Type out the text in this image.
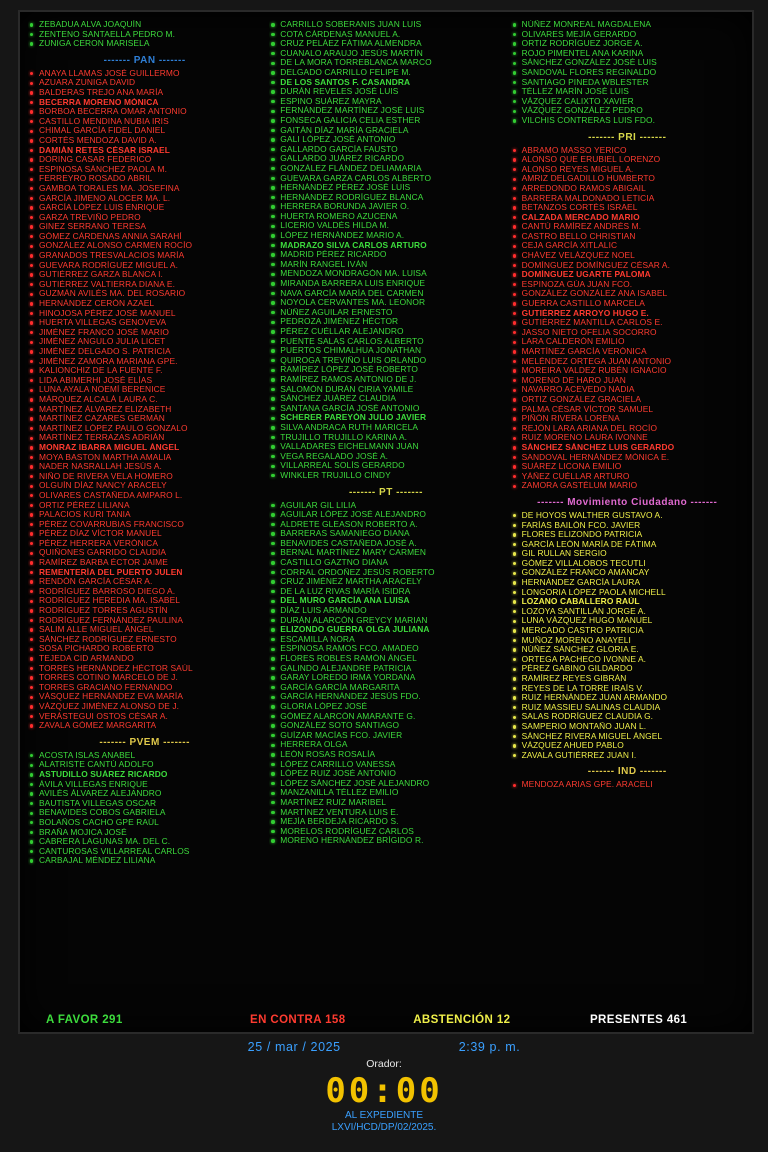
ZEBADUA ALVA JOAQUÍN
ZENTENO SANTAELLA PEDRO M.
ZUNIGA CERON MARISELA
------- PAN -------
ANAYA LLAMAS JOSÉ GUILLERMO
AZUARA ZUNIGA DAVID
BALDERAS TREJO ANA MARÍA
BECERRA MORENO MÓNICA
BORBOA BECERRA OMAR ANTONIO
CASTILLO MENDINA NUBIA IRIS
CHIMAL GARCÍA FIDEL DANIEL
CORTÉS MENDOZA DAVID A.
DAMIÁN RETES CÉSAR ISRAEL
DORING CASAR FEDERICO
ESPINOSA SÁNCHEZ PAOLA M.
FERREYRO ROSADO ABRIL
GAMBOA TORALES MA. JOSEFINA
GARCÍA JIMENO ALOCER MA. L.
GARCÍA LÓPEZ LUIS ENRIQUE
GARZA TREVIÑO PEDRO
GINEZ SERRANO TERESA
GÓMEZ CÁRDENAS ANNIA SARAHÍ
GONZÁLEZ ALONSO CARMEN ROCÍO
GRANADOS TRESVALACIOS MARÍA
GUEVARA RODRÍGUEZ MIGUEL A.
GUTIÉRREZ GARZA BLANCA I.
GUTIÉRREZ VALTIERRA DIANA E.
GUZMÁN AVILÉS MA. DEL ROSARIO
HERNÁNDEZ CERÓN AZAEL
HINOJOSA PÉREZ JOSÉ MANUEL
HUERTA VILLEGAS GENOVEVA
JIMÉNEZ FRANCO JOSÉ MARIO
JIMÉNEZ ANGULO JULIA LICET
JIMÉNEZ DELGADO S. PATRICIA
JIMÉNEZ ZAMORA MARIANA GPE.
KALIONCHIZ DE LA FUENTE F.
LIDA ABIMERHI JOSÉ ELÍAS
LUNA AYALA NOEMÍ BERENICE
MÁRQUEZ ALCALÁ LAURA C.
MARTÍNEZ ÁLVAREZ ELIZABETH
MARTÍNEZ CAZARES GERMÁN
MARTÍNEZ LÓPEZ PAULO GONZALO
MARTÍNEZ TERRAZAS ADRIÁN
MONRAZ IBARRA MIGUEL ÁNGEL
MOYA BASTON MARTHA AMALIA
NADER NASRALLAH JESÚS A.
NIÑO DE RIVERA VELA HOMERO
OLGUÍN DÍAZ NANCY ARACELY
OLIVARES CASTAÑEDA AMPARO L.
ORTIZ PÉREZ LILIANA
PALACIOS KURI TANIA
PÉREZ COVARRUBIAS FRANCISCO
PÉREZ DÍAZ VÍCTOR MANUEL
PÉREZ HERRERA VERÓNICA
QUIÑONES GARRIDO CLAUDIA
RAMÍREZ BARBA ÉCTOR JAIME
REMENTERÍA DEL PUERTO JULEN
RENDÓN GARCÍA CÉSAR A.
RODRÍGUEZ BARROSO DIEGO A.
RODRÍGUEZ HEREDIA MA. ISABEL
RODRÍGUEZ TORRES AGUSTÍN
RODRÍGUEZ FERNÁNDEZ PAULINA
SALIM ALLE MIGUEL ÁNGEL
SÁNCHEZ RODRÍGUEZ ERNESTO
SOSA PICHARDO ROBERTO
TEJEDA CID ARMANDO
TORRES HERNÁNDEZ HÉCTOR SAÚL
TORRES COTINO MARCELO DE J.
TORRES GRACIANO FERNANDO
VÁSQUEZ HERNÁNDEZ EVA MARÍA
VÁZQUEZ JIMÉNEZ ALONSO DE J.
VERÁSTEGUI OSTOS CÉSAR A.
ZAVALA GÓMEZ MARGARITA
------- PVEM -------
ACOSTA ISLAS ANABEL
ALATRISTE CANTÚ ADOLFO
ASTUDILLO SUÁREZ RICARDO
ÁVILA VILLEGAS ENRIQUE
AVILÉS ÁLVAREZ ALEJANDRO
BAUTISTA VILLEGAS OSCAR
BENAVIDES COBOS GABRIELA
BOLAÑOS CACHO GPE RAÚL
BRAÑA MOJICA JOSÉ
CABRERA LAGUNAS MA. DEL C.
CANTUROSAS VILLARREAL CARLOS
CARBAJAL MÉNDEZ LILIANA
CARRILLO SOBERANIS JUAN LUIS
COTA CÁRDENAS MANUEL A.
CRUZ PELÁEZ FÁTIMA ALMENDRA
CUANALO ARAUJO JESÚS MARTÍN
DE LA MORA TORREBLANCA MARCO
DELGADO CARRILLO FELIPE M.
DE LOS SANTOS F. CASANDRA
DURÁN REVELES JOSÉ LUIS
ESPINO SUÁREZ MAYRA
FERNÁNDEZ MARTÍNEZ JOSÉ LUIS
FONSECA GALICIA CELIA ESTHER
GAITÁN DÍAZ MARÍA GRACIELA
GALI LÓPEZ JOSÉ ANTONIO
GALLARDO GARCÍA FAUSTO
GALLARDO JUÁREZ RICARDO
GONZÁLEZ FLÁNDEZ DELIAMARIA
GUEVARA GARZA CARLOS ALBERTO
HERNÁNDEZ PÉREZ JOSÉ LUIS
HERNÁNDEZ RODRÍGUEZ BLANCA
HERRERA BORUNDA JAVIER O.
HUERTA ROMERO AZUCENA
LICERIO VALDÉS HILDA M.
LÓPEZ HERNÁNDEZ MARIO A.
MADRAZO SILVA CARLOS ARTURO
MADRID PÉREZ RICARDO
MARÍN RANGEL IVÁN
MENDOZA MONDRAGÓN MA. LUISA
MIRANDA BARRERA LUIS ENRIQUE
NAVA GARCÍA MARÍA DEL CARMEN
NOYOLA CERVANTES MA. LEONOR
NÚÑEZ AGUILAR ERNESTO
PEDROZA JIMÉNEZ HÉCTOR
PÉREZ CUÉLLAR ALEJANDRO
PUENTE SALAS CARLOS ALBERTO
PUERTOS CHIMALHUA JONATHAN
QUIROGA TREVIÑO LUIS ORLANDO
RAMÍREZ LÓPEZ JOSÉ ROBERTO
RAMÍREZ RAMOS ANTONIO DE J.
SALOMÓN DURÁN CIRIA YAMILE
SÁNCHEZ JUÁREZ CLAUDIA
SANTANA GARCÍA JOSÉ ANTONIO
SCHERER PAREYÓN JULIO JAVIER
SILVA ANDRACA RUTH MARICELA
TRUJILLO TRUJILLO KARINA A.
VALLADARES EICHELMANN JUAN
VEGA REGALADO JOSÉ A.
VILLARREAL SOLÍS GERARDO
WINKLER TRUJILLO CINDY
------- PT -------
AGUILAR GIL LILIA
AGUILAR LÓPEZ JOSÉ ALEJANDRO
ALDRETE GLEASON ROBERTO A.
BARRERAS SAMANIEGO DIANA
BENAVIDES CASTAÑEDA JOSÉ A.
BERNAL MARTÍNEZ MARY CARMEN
CASTILLO GAZTNO DIANA
CORRAL ORDOÑEZ JESÚS ROBERTO
CRUZ JIMÉNEZ MARTHA ARACELY
DE LA LUZ RIVAS MARÍA ISIDRA
DEL MURO GARCÍA ANA LUISA
DÍAZ LUIS ARMANDO
DURÁN ALARCÓN GREYCY MARIAN
ELIZONDO GUERRA OLGA JULIANA
ESCAMILLA NORA
ESPINOSA RAMOS FCO. AMADEO
FLORES ROBLES RAMÓN ÁNGEL
GALINDO ALEJANDRE PATRICIA
GARAY LOREDO IRMA YORDANA
GARCÍA GARCÍA MARGARITA
GARCÍA HERNÁNDEZ JESÚS FDO.
GLORIA LÓPEZ JOSÉ
GÓMEZ ALARCÓN AMARANTE G.
GONZÁLEZ SOTO SANTIAGO
GUÍZAR MACÍAS FCO. JAVIER
HERRERA OLGA
LEÓN ROSAS ROSALÍA
LÓPEZ CARRILLO VANESSA
LÓPEZ RUIZ JOSÉ ANTONIO
LÓPEZ SÁNCHEZ JOSÉ ALEJANDRO
MANZANILLA TÉLLEZ EMILIO
MARTÍNEZ RUIZ MARIBEL
MARTÍNEZ VENTURA LUIS E.
MEJÍA BERDEJA RICARDO S.
MORELOS RODRÍGUEZ CARLOS
MORENO HERNÁNDEZ BRÍGIDO R.
NÚÑEZ MONREAL MAGDALENA
OLIVARES MEJÍA GERARDO
ORTIZ RODRÍGUEZ JORGE A.
ROJO PIMENTEL ANA KARINA
SÁNCHEZ GONZÁLEZ JOSÉ LUIS
SANDOVAL FLORES REGINALDO
SANTIAGO PINEDA WBLESTER
TÉLLEZ MARÍN JOSÉ LUIS
VÁZQUEZ CALIXTO XAVIER
VÁZQUEZ GONZÁLEZ PEDRO
VILCHIS CONTRERAS LUIS FDO.
------- PRI -------
ABRAMO MASSO YERICO
ALONSO QUE ERUBIEL LORENZO
ALONSO REYES MIGUEL A.
AMRIZ DELGADILLO HUMBERTO
ARREDONDO RAMOS ABIGAIL
BARRERA MALDONADO LETICIA
BETANZOS CORTÉS ISRAEL
CALZADA MERCADO MARIO
CANTÚ RAMÍREZ ANDRÉS M.
CASTRO BELLO CHRISTIAN
CEJA GARCÍA XITLALIC
CHÁVEZ VELÁZQUEZ NOEL
DOMÍNGUEZ DOMÍNGUEZ CÉSAR A.
DOMÍNGUEZ UGARTE PALOMA
ESPINOZA GÚA JUAN FCO.
GONZÁLEZ GONZÁLEZ ANA ISABEL
GUERRA CASTILLO MARCELA
GUTIÉRREZ ARROYO HUGO E.
GUTIÉRREZ MANTILLA CARLOS E.
JASSO NIETO OFELIA SOCORRO
LARA CALDERÓN EMILIO
MARTÍNEZ GARCÍA VERÓNICA
MELÉNDEZ ORTEGA JUAN ANTONIO
MOREIRA VALDEZ RUBÉN IGNACIO
MORENO DE HARO JUAN
NAVARRO ACEVEDO NADIA
ORTIZ GONZÁLEZ GRACIELA
PALMA CÉSAR VÍCTOR SAMUEL
PIÑÓN RIVERA LORENA
REJÓN LARA ARIANA DEL ROCÍO
RUIZ MORENO LAURA IVONNE
SÁNCHEZ SÁNCHEZ LUIS GERARDO
SANDOVAL HERNÁNDEZ MÓNICA E.
SUÁREZ LICONA EMILIO
YÁÑEZ CUÉLLAR ARTURO
ZAMORA GASTÉLUM MARIO
------- Movimiento Ciudadano -------
DE HOYOS WALTHER GUSTAVO A.
FARÍAS BAILÓN FCO. JAVIER
FLORES ELIZONDO PATRICIA
GARCÍA LEÓN MARÍA DE FÁTIMA
GIL RULLAN SERGIO
GÓMEZ VILLALOBOS TECUTLI
GONZÁLEZ FRANCO AMANCAY
HERNÁNDEZ GARCÍA LAURA
LONGORIA LÓPEZ PAOLA MICHELL
LOZANO CABALLERO RAÚL
LOZOYA SANTILLÁN JORGE A.
LUNA VÁZQUEZ HUGO MANUEL
MERCADO CASTRO PATRICIA
MUÑOZ MORENO ANAYELI
NÚÑEZ SÁNCHEZ GLORIA E.
ORTEGA PACHECO IVONNE A.
PÉREZ GABINO GILDARDO
RAMÍREZ REYES GIBRÁN
REYES DE LA TORRE IRAÍS V.
RUIZ HERNÁNDEZ JUAN ARMANDO
RUIZ MASSIEU SALINAS CLAUDIA
SALAS RODRÍGUEZ CLAUDIA G.
SAMPERIO MONTAÑO JUAN L.
SÁNCHEZ RIVERA MIGUEL ÁNGEL
VÁZQUEZ AHUED PABLO
ZAVALA GUTIÉRREZ JUAN I.
------- IND -------
MENDOZA ARIAS GPE. ARACELI
A FAVOR 291	EN CONTRA 158	ABSTENCIÓN 12	PRESENTES 461
25 / mar / 2025	2:39 p. m.
Orador:
00:00
AL EXPEDIENTE
LXVI/HCD/DP/02/2025.
